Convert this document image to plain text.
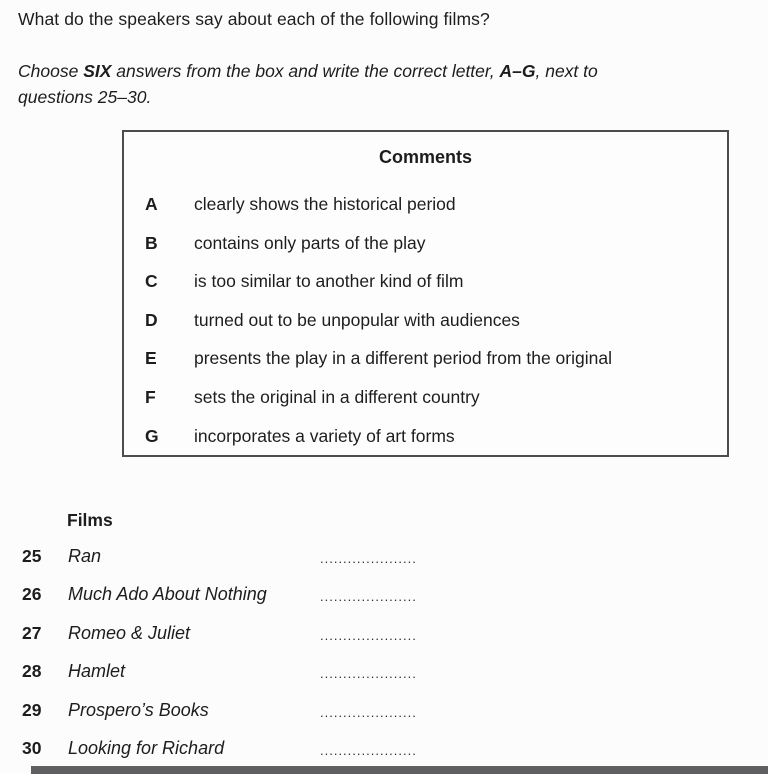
What do the speakers say about each of the following films?
Choose SIX answers from the box and write the correct letter, A–G, next to
questions 25–30.
Comments
A	clearly shows the historical period
B	contains only parts of the play
C	is too similar to another kind of film
D	turned out to be unpopular with audiences
E	presents the play in a different period from the original
F	sets the original in a different country
G	incorporates a variety of art forms
Films
25	Ran	.....................
26	Much Ado About Nothing	.....................
27	Romeo & Juliet	.....................
28	Hamlet	.....................
29	Prospero’s Books	.....................
30	Looking for Richard	.....................
